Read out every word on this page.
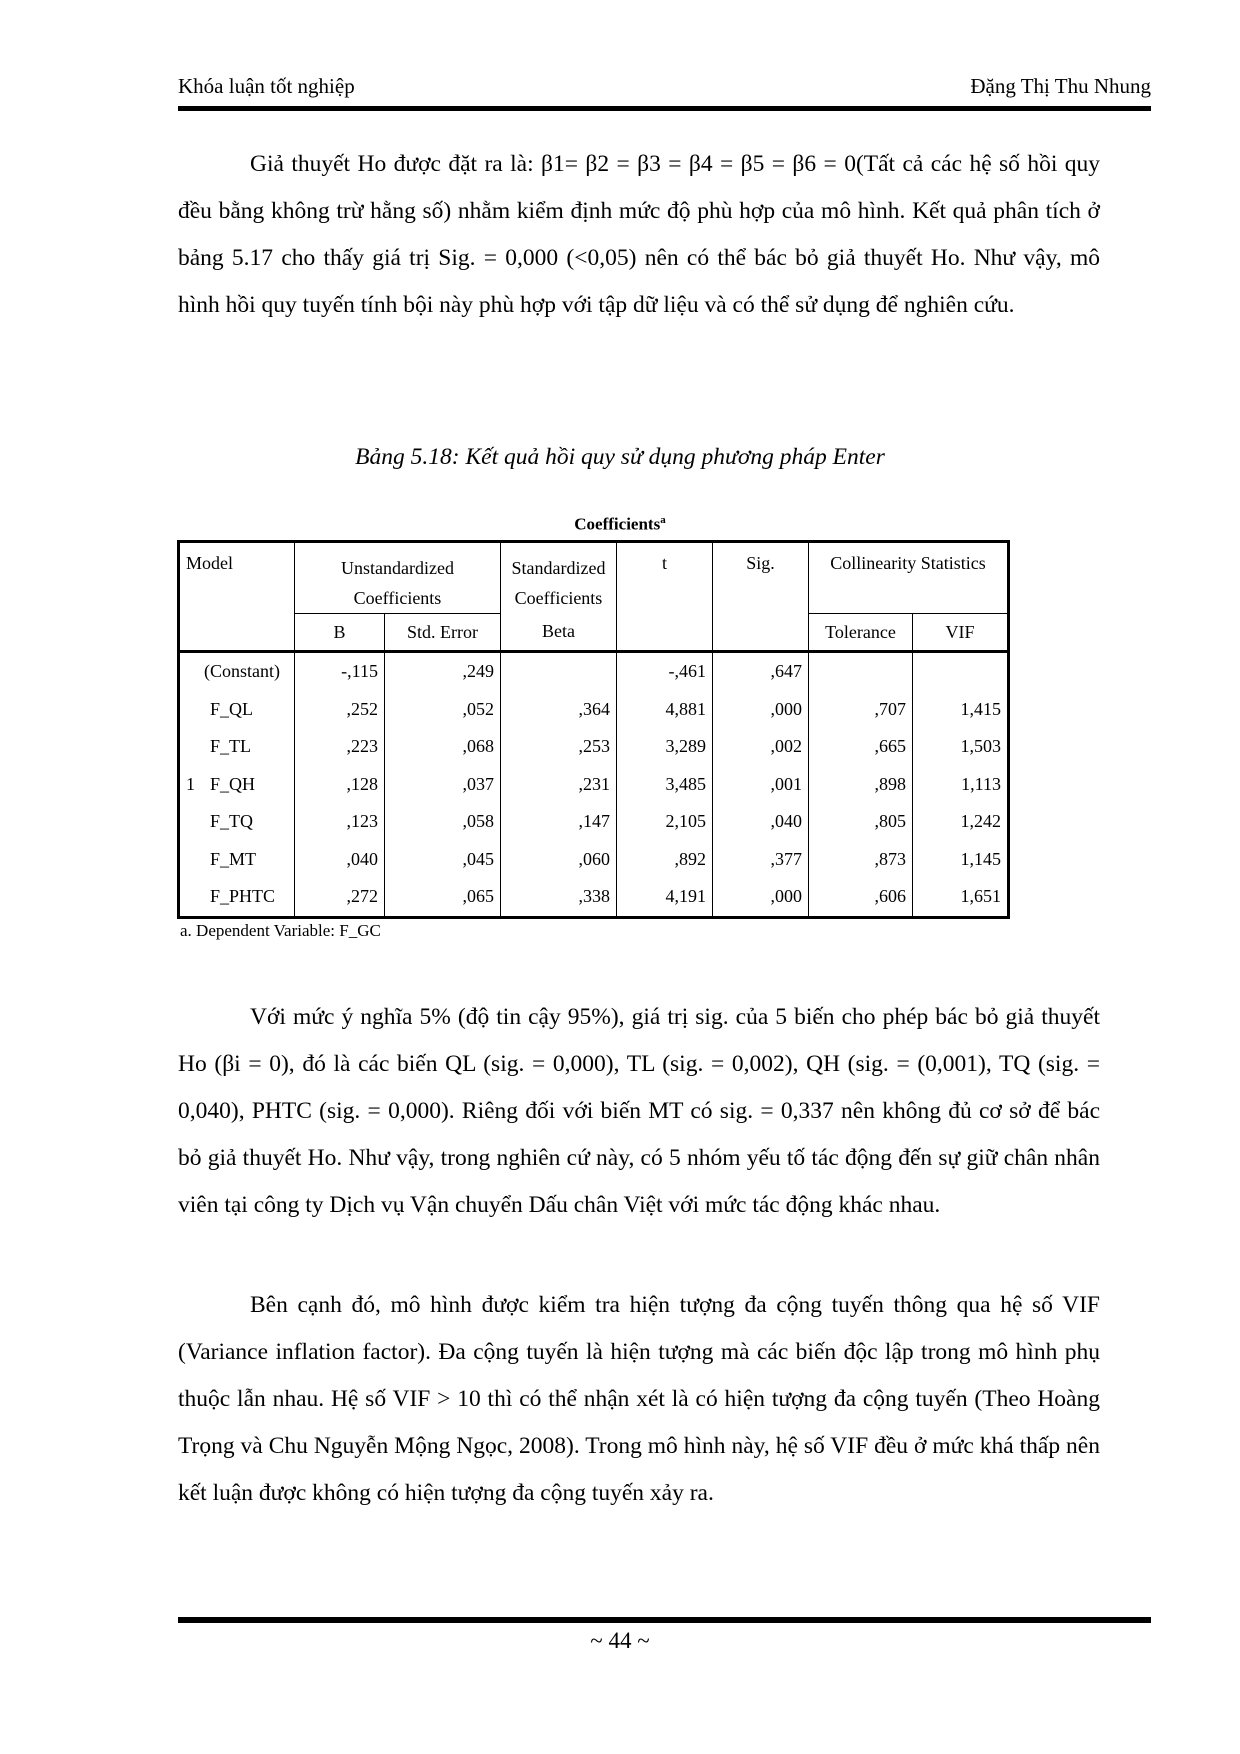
Khóa luận tốt nghiệp	Đặng Thị Thu Nhung

Giả thuyết Ho được đặt ra là: β1= β2 = β3 = β4 = β5 = β6 = 0(Tất cả các hệ số hồi quy đều bằng không trừ hằng số) nhằm kiểm định mức độ phù hợp của mô hình. Kết quả phân tích ở bảng 5.17 cho thấy giá trị Sig. = 0,000 (<0,05) nên có thể bác bỏ giả thuyết Ho. Như vậy, mô hình hồi quy tuyến tính bội này phù hợp với tập dữ liệu và có thể sử dụng để nghiên cứu.

Bảng 5.18: Kết quả hồi quy sử dụng phương pháp Enter
Coefficients$^a$
Model	Unstandardized Coefficients		Standardized Coefficients	t	Sig.	Collinearity Statistics	
	B	Std. Error	Beta			Tolerance	VIF
(Constant)	-,115	,249		-,461	,647		
F_QL	,252	,052	,364	4,881	,000	,707	1,415
F_TL	,223	,068	,253	3,289	,002	,665	1,503

1 F_QH	,128	,037	,231	3,485	,001	,898	1,113
F_TQ	,123	,058	,147	2,105	,040	,805	1,242
F_MT	,040	,045	,060	,892	,377	,873	1,145
F_PHTC	,272	,065	,338	4,191	,000	,606	1,651
a. Dependent Variable: F_GC

Với mức ý nghĩa 5% (độ tin cậy 95%), giá trị sig. của 5 biến cho phép bác bỏ giả thuyết Ho (βi = 0), đó là các biến QL (sig. = 0,000), TL (sig. = 0,002), QH (sig. = (0,001), TQ (sig. = 0,040), PHTC (sig. = 0,000). Riêng đối với biến MT có sig. = 0,337 nên không đủ cơ sở để bác bỏ giả thuyết Ho. Như vậy, trong nghiên cứ này, có 5 nhóm yếu tố tác động đến sự giữ chân nhân viên tại công ty Dịch vụ Vận chuyển Dấu chân Việt với mức tác động khác nhau.

Bên cạnh đó, mô hình được kiểm tra hiện tượng đa cộng tuyến thông qua hệ số VIF (Variance inflation factor). Đa cộng tuyến là hiện tượng mà các biến độc lập trong mô hình phụ thuộc lẫn nhau. Hệ số VIF > 10 thì có thể nhận xét là có hiện tượng đa cộng tuyến (Theo Hoàng Trọng và Chu Nguyễn Mộng Ngọc, 2008). Trong mô hình này, hệ số VIF đều ở mức khá thấp nên kết luận được không có hiện tượng đa cộng tuyến xảy ra.

~ 44 ~
